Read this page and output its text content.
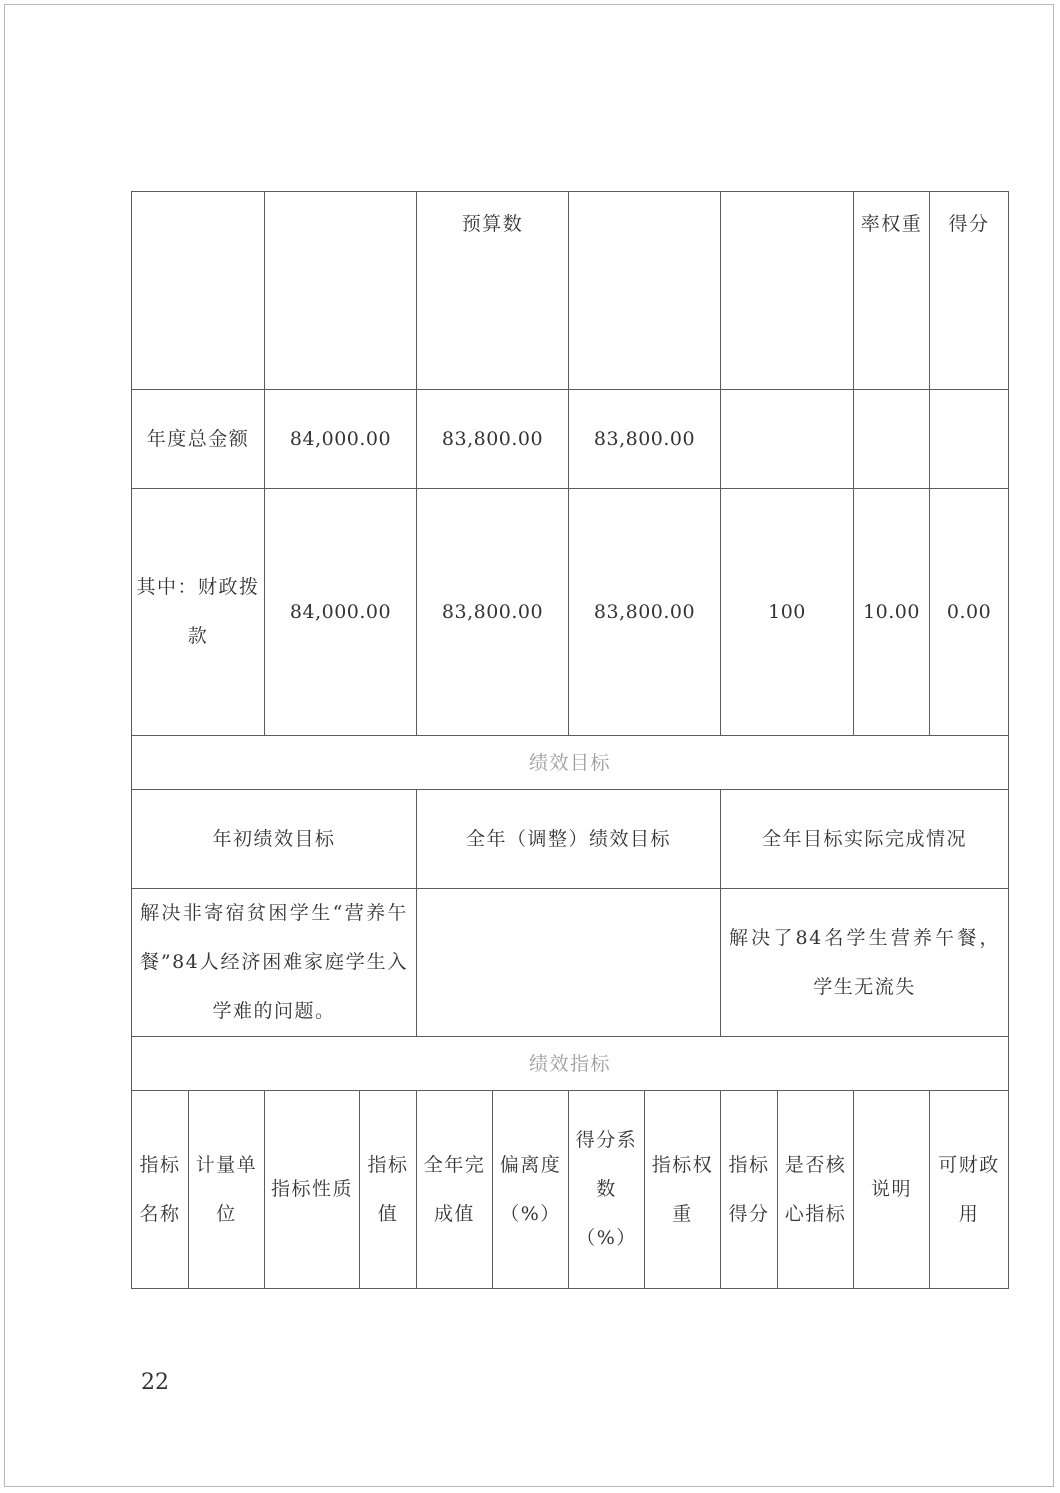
				预算数						率权重	得分
年度总金额		84,000.00		83,800.00		83,800.00					
其中：财政拨款		84,000.00		83,800.00		83,800.00		100		10.00	0.00
绩效目标											
年初绩效目标				全年（调整）绩效目标				全年目标实际完成情况			
解决非寄宿贫困学生“营养午餐”84人经济困难家庭学生入学难的问题。								解决了84名学生营养午餐，学生无流失			
绩效指标											
指标名称	计量单位	指标性质	指标值	全年完成值	偏离度（%）	得分系数（%）	指标权重	指标得分	是否核心指标	说明	可财政用
22
